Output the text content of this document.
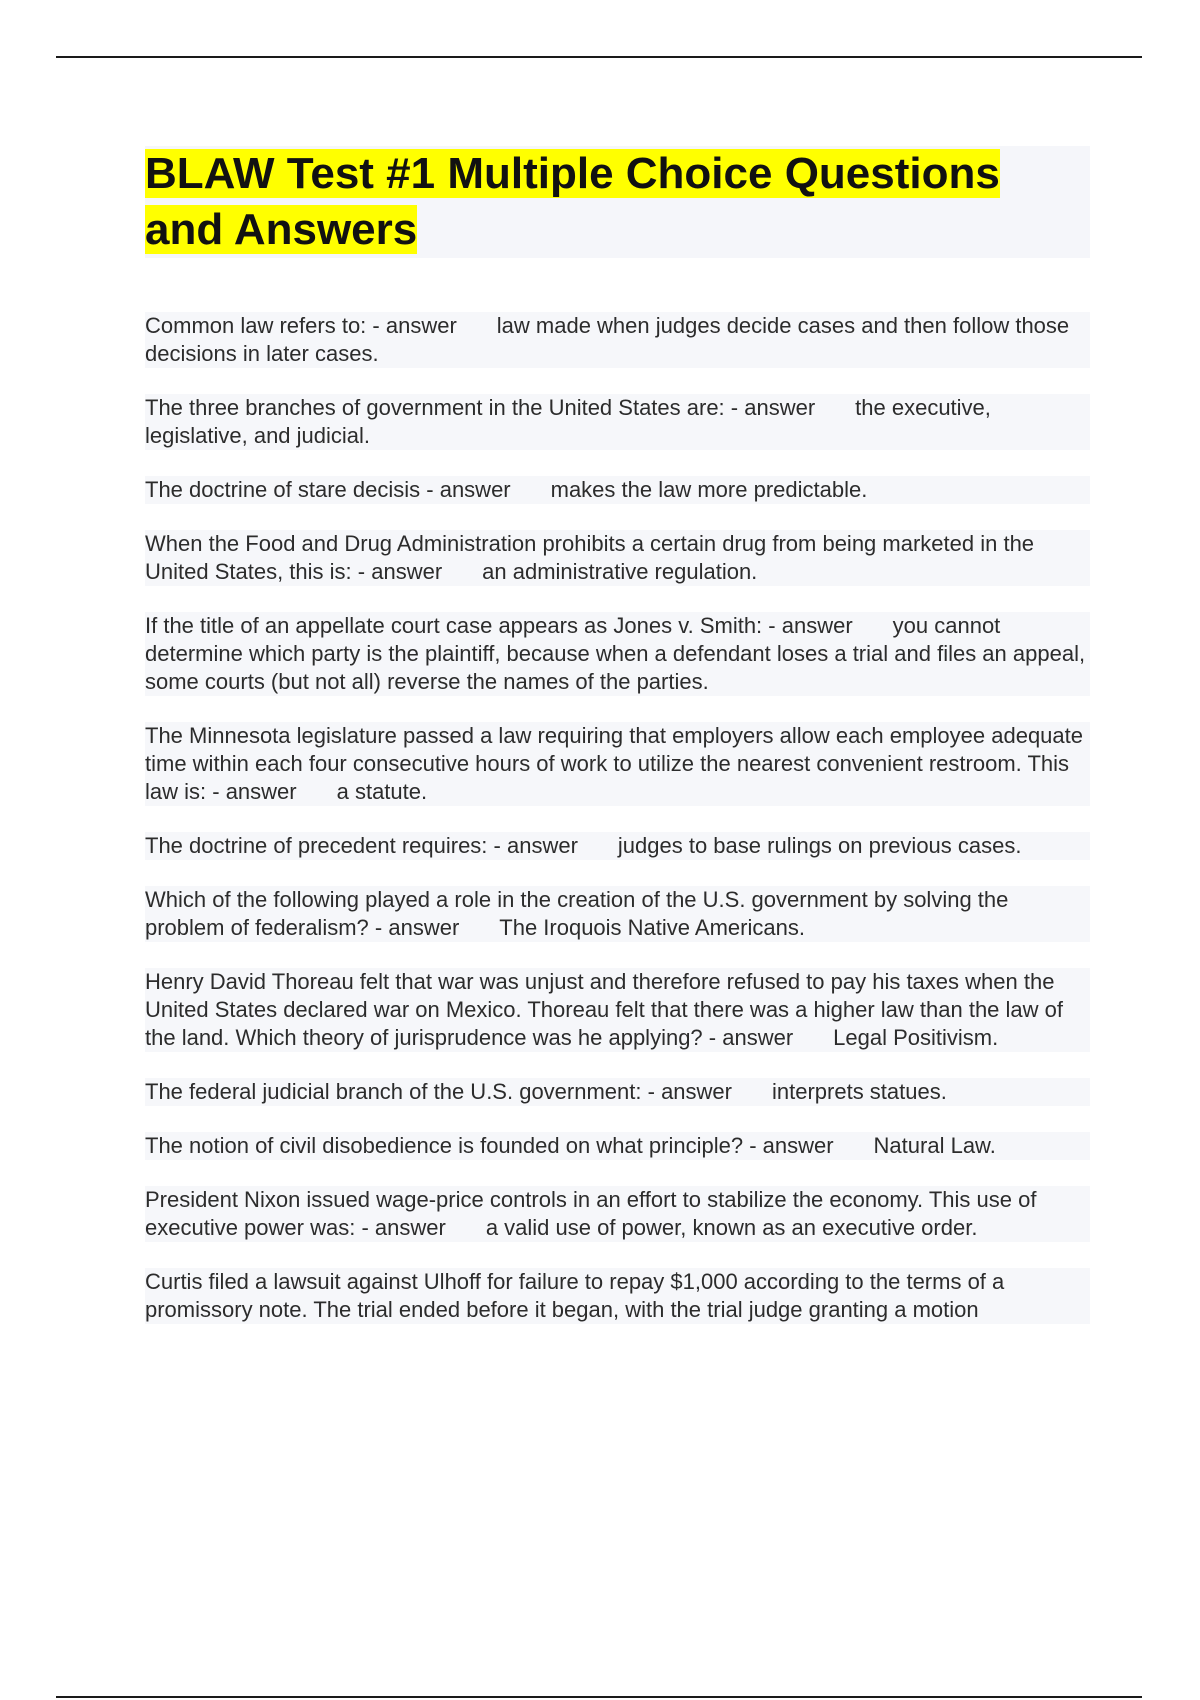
BLAW Test #1 Multiple Choice Questions and Answers

Common law refers to: - answer law made when judges decide cases and then follow those decisions in later cases.

The three branches of government in the United States are: - answer the executive, legislative, and judicial.

The doctrine of stare decisis - answer makes the law more predictable.

When the Food and Drug Administration prohibits a certain drug from being marketed in the United States, this is: - answer an administrative regulation.

If the title of an appellate court case appears as Jones v. Smith: - answer you cannot determine which party is the plaintiff, because when a defendant loses a trial and files an appeal, some courts (but not all) reverse the names of the parties.

The Minnesota legislature passed a law requiring that employers allow each employee adequate time within each four consecutive hours of work to utilize the nearest convenient restroom. This law is: - answer a statute.

The doctrine of precedent requires: - answer judges to base rulings on previous cases.

Which of the following played a role in the creation of the U.S. government by solving the problem of federalism? - answer The Iroquois Native Americans.

Henry David Thoreau felt that war was unjust and therefore refused to pay his taxes when the United States declared war on Mexico. Thoreau felt that there was a higher law than the law of the land. Which theory of jurisprudence was he applying? - answer Legal Positivism.

The federal judicial branch of the U.S. government: - answer interprets statues.

The notion of civil disobedience is founded on what principle? - answer Natural Law.

President Nixon issued wage-price controls in an effort to stabilize the economy. This use of executive power was: - answer a valid use of power, known as an executive order.

Curtis filed a lawsuit against Ulhoff for failure to repay $1,000 according to the terms of a promissory note. The trial ended before it began, with the trial judge granting a motion
